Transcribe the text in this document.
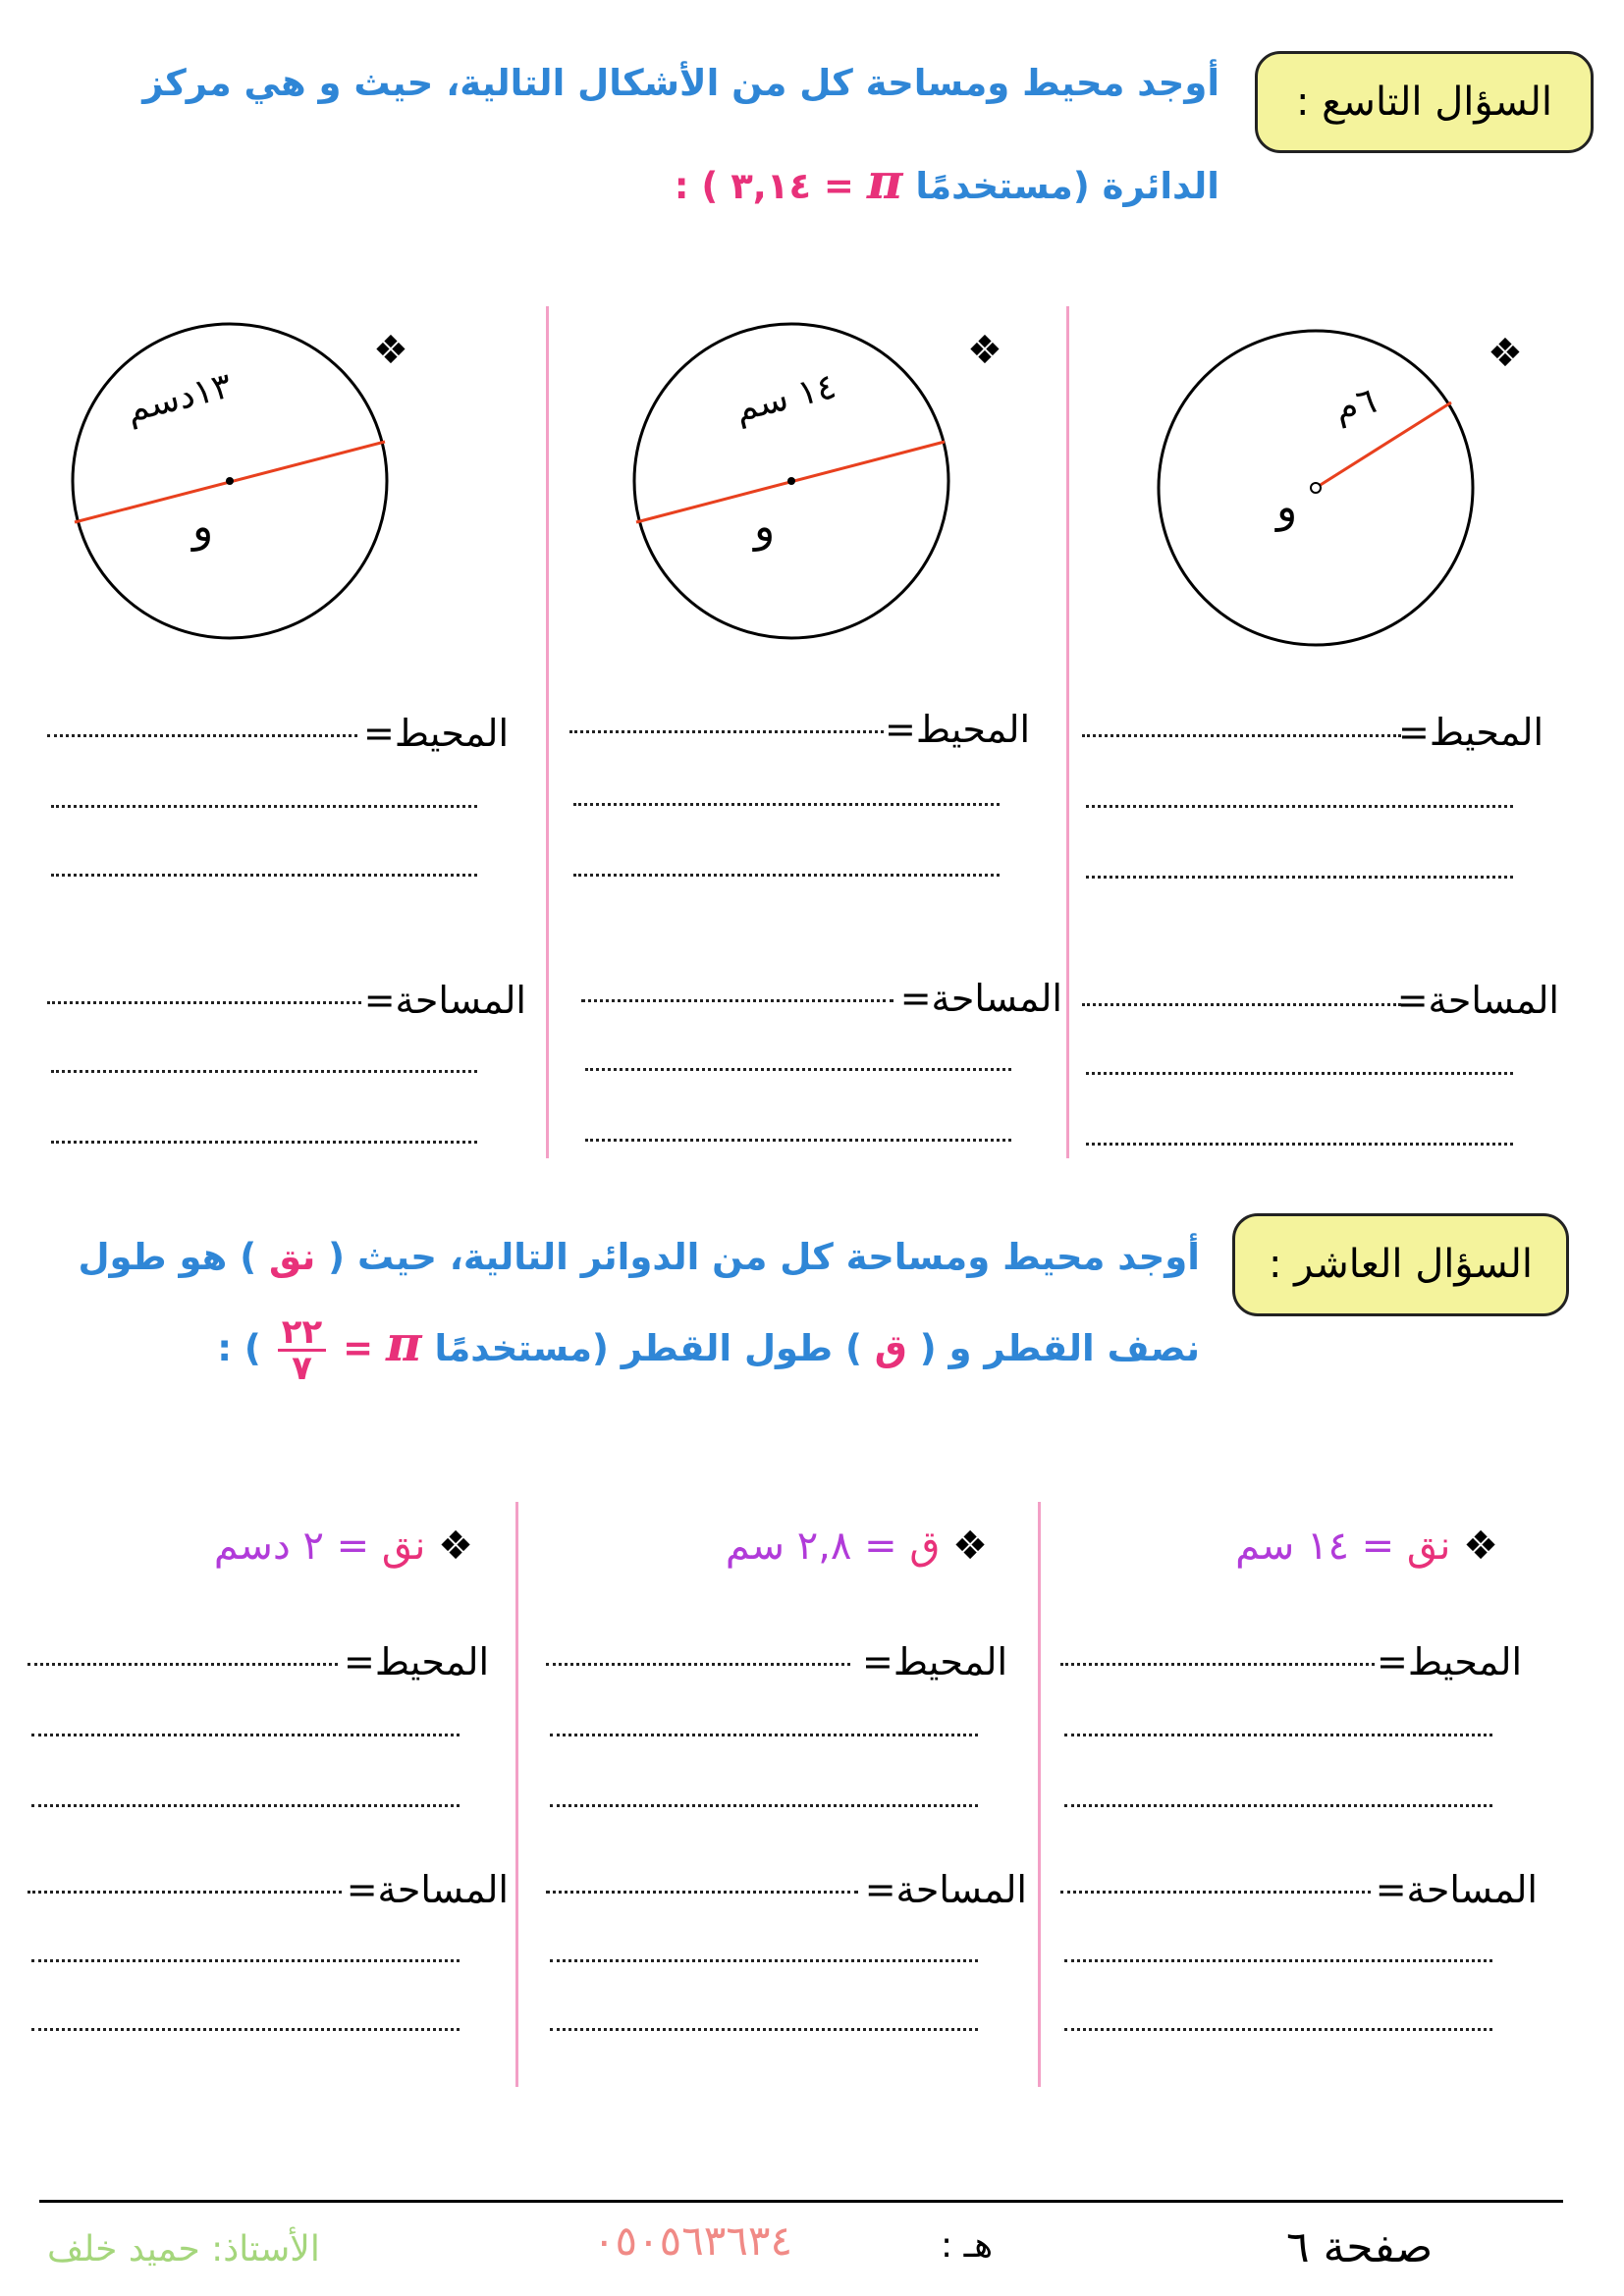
السؤال التاسع :
أوجد محيط ومساحة كل من الأشكال التالية، حيث و هي مركز
الدائرة (مستخدمًا π = ٣,١٤ ) :
❖
❖
❖
٦م
و
١٤ سم
و
١٣دسم
و
المحيط=
المساحة=
المحيط=
المساحة=
المحيط=
المساحة=
السؤال العاشر :
أوجد محيط ومساحة كل من الدوائر التالية، حيث ( نق ) هو طول
نصف القطر و ( ق ) طول القطر (مستخدمًا π =
$\frac{٢٢}{٧}$
) :
❖ نق = ١٤ سم
❖ ق = ٢,٨ سم
❖ نق = ٢ دسم
المحيط=
المساحة=
المحيط=
المساحة=
المحيط=
المساحة=
صفحة ٦
هـ :
٠٥٠٥٦٣٦٣٤
الأستاذ: حميد خلف
